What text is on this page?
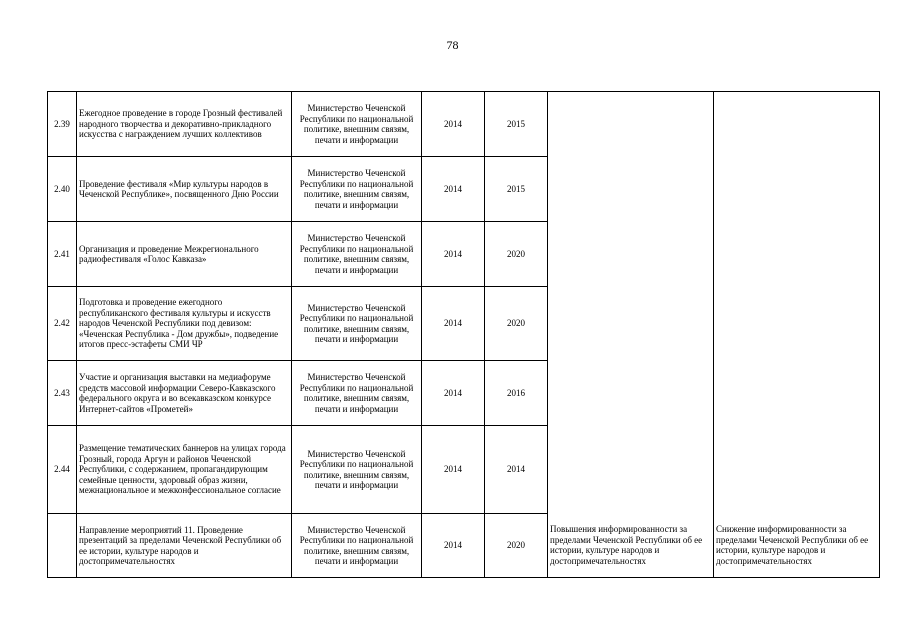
78
2.39	Ежегодное проведение в городе Грозный фестивалей народного творчества и декоративно-прикладного искусства с награждением лучших коллективов	Министерство Чеченской Республики по национальной политике, внешним связям, печати и информации	2014	2015		
2.40	Проведение фестиваля «Мир культуры народов в Чеченской Республике», посвященного Дню России	Министерство Чеченской Республики по национальной политике, внешним связям, печати и информации	2014	2015		
2.41	Организация и проведение Межрегионального радиофестиваля «Голос Кавказа»	Министерство Чеченской Республики по национальной политике, внешним связям, печати и информации	2014	2020		
2.42	Подготовка и проведение ежегодного республиканского фестиваля культуры и искусств народов Чеченской Республики под девизом: «Чеченская Республика - Дом дружбы», подведение итогов пресс-эстафеты СМИ ЧР	Министерство Чеченской Республики по национальной политике, внешним связям, печати и информации	2014	2020		
2.43	Участие и организация выставки на медиафоруме средств массовой информации Северо-Кавказского федерального округа и во всекавказском конкурсе Интернет-сайтов «Прометей»	Министерство Чеченской Республики по национальной политике, внешним связям, печати и информации	2014	2016		
2.44	Размещение тематических баннеров на улицах города Грозный, города Аргун и районов Чеченской Республики, с содержанием, пропагандирующим семейные ценности, здоровый образ жизни, межнациональное и межконфессиональное согласие	Министерство Чеченской Республики по национальной политике, внешним связям, печати и информации	2014	2014		
	Направление мероприятий 11. Проведение презентаций за пределами Чеченской Республики об ее истории, культуре народов и достопримечательностях	Министерство Чеченской Республики по национальной политике, внешним связям, печати и информации	2014	2020	Повышения информированности за пределами Чеченской Республики об ее истории, культуре народов и достопримечательностях	Снижение информированности за пределами Чеченской Республики об ее истории, культуре народов и достопримечательностях
